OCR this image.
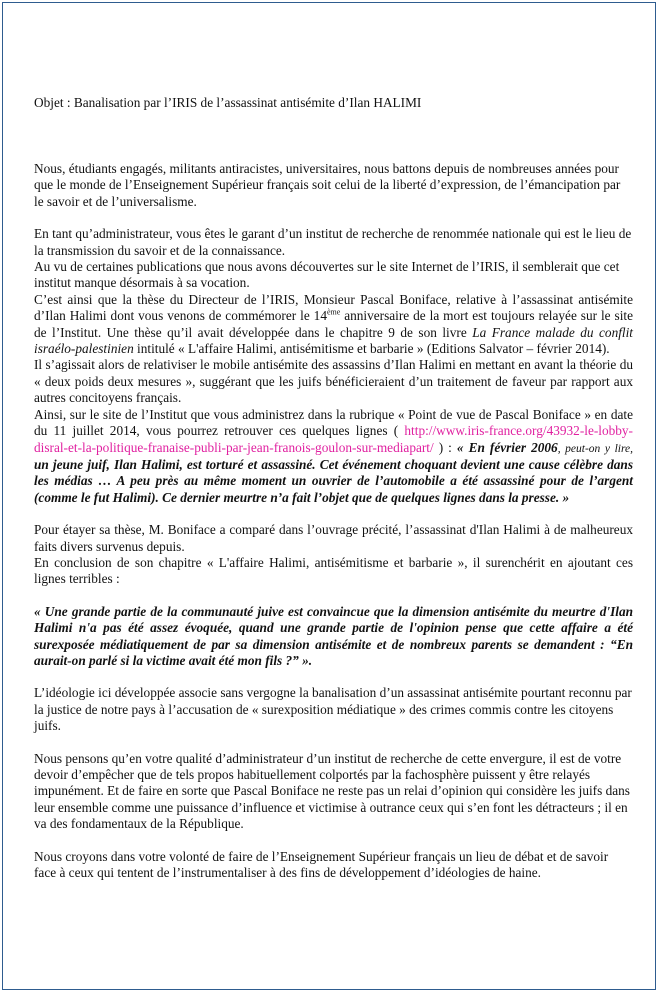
Objet : Banalisation par l’IRIS de l’assassinat antisémite d’Ilan HALIMI

Nous, étudiants engagés, militants antiracistes, universitaires, nous battons depuis de nombreuses années pour que le monde de l’Enseignement Supérieur français soit celui de la liberté d’expression, de l’émancipation par le savoir et de l’universalisme.

En tant qu’administrateur, vous êtes le garant d’un institut de recherche de renommée nationale qui est le lieu de la transmission du savoir et de la connaissance.

Au vu de certaines publications que nous avons découvertes sur le site Internet de l’IRIS, il semblerait que cet institut manque désormais à sa vocation.

C’est ainsi que la thèse du Directeur de l’IRIS, Monsieur Pascal Boniface, relative à l’assassinat antisémite d’Ilan Halimi dont vous venons de commémorer le 14ème anniversaire de la mort est toujours relayée sur le site de l’Institut. Une thèse qu’il avait développée dans le chapitre 9 de son livre La France malade du conflit israélo-palestinien intitulé « L'affaire Halimi, antisémitisme et barbarie » (Editions Salvator – février 2014).

Il s’agissait alors de relativiser le mobile antisémite des assassins d’Ilan Halimi en mettant en avant la théorie du « deux poids deux mesures », suggérant que les juifs bénéficieraient d’un traitement de faveur par rapport aux autres concitoyens français.

Ainsi, sur le site de l’Institut que vous administrez dans la rubrique « Point de vue de Pascal Boniface » en date du 11 juillet 2014, vous pourrez retrouver ces quelques lignes ( http://www.iris-france.org/43932-le-lobby-disral-et-la-politique-franaise-publi-par-jean-franois-goulon-sur-mediapart/ ) : « En février 2006, peut-on y lire, un jeune juif, Ilan Halimi, est torturé et assassiné. Cet événement choquant devient une cause célèbre dans les médias … A peu près au même moment un ouvrier de l’automobile a été assassiné pour de l’argent (comme le fut Halimi). Ce dernier meurtre n’a fait l’objet que de quelques lignes dans la presse. »

Pour étayer sa thèse, M. Boniface a comparé dans l’ouvrage précité, l’assassinat d'Ilan Halimi à de malheureux faits divers survenus depuis.

En conclusion de son chapitre « L'affaire Halimi, antisémitisme et barbarie », il surenchérit en ajoutant ces lignes terribles :

« Une grande partie de la communauté juive est convaincue que la dimension antisémite du meurtre d'Ilan Halimi n'a pas été assez évoquée, quand une grande partie de l'opinion pense que cette affaire a été surexposée médiatiquement de par sa dimension antisémite et de nombreux parents se demandent : “En aurait-on parlé si la victime avait été mon fils ?” ».

L’idéologie ici développée associe sans vergogne la banalisation d’un assassinat antisémite pourtant reconnu par la justice de notre pays à l’accusation de « surexposition médiatique » des crimes commis contre les citoyens juifs.

Nous pensons qu’en votre qualité d’administrateur d’un institut de recherche de cette envergure, il est de votre devoir d’empêcher que de tels propos habituellement colportés par la fachosphère puissent y être relayés impunément. Et de faire en sorte que Pascal Boniface ne reste pas un relai d’opinion qui considère les juifs dans leur ensemble comme une puissance d’influence et victimise à outrance ceux qui s’en font les détracteurs ; il en va des fondamentaux de la République.

Nous croyons dans votre volonté de faire de l’Enseignement Supérieur français un lieu de débat et de savoir face à ceux qui tentent de l’instrumentaliser à des fins de développement d’idéologies de haine.
